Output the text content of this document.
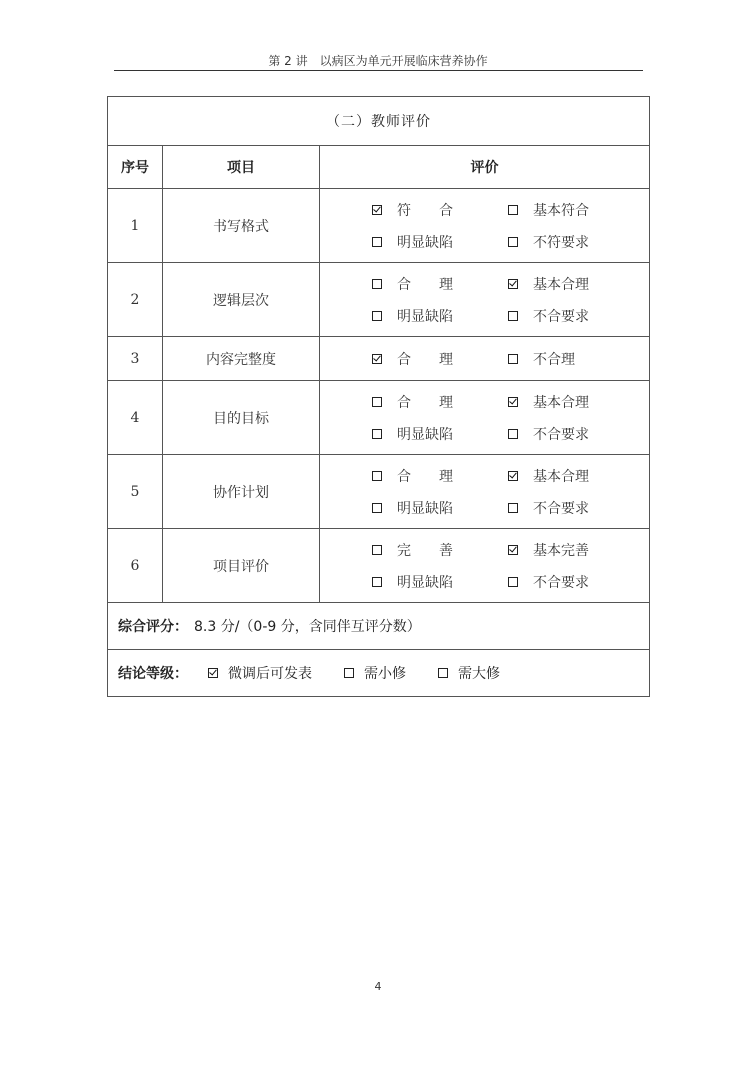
第 2 讲　以病区为单元开展临床营养协作
（二）教师评价		
序号	项目	评价
1	书写格式	符　　合 基本符合
明显缺陷 不符要求

2	逻辑层次	合　　理 基本合理
明显缺陷 不合要求

3	内容完整度	合　　理 不合理

4	目的目标	合　　理 基本合理
明显缺陷 不合要求

5	协作计划	合　　理 基本合理
明显缺陷 不合要求

6	项目评价	完　　善 基本完善
明显缺陷 不合要求

综合评分： 8.3 分/（0-9 分，含同伴互评分数）		

结论等级： 微调后可发表 需小修 需大修		
4
